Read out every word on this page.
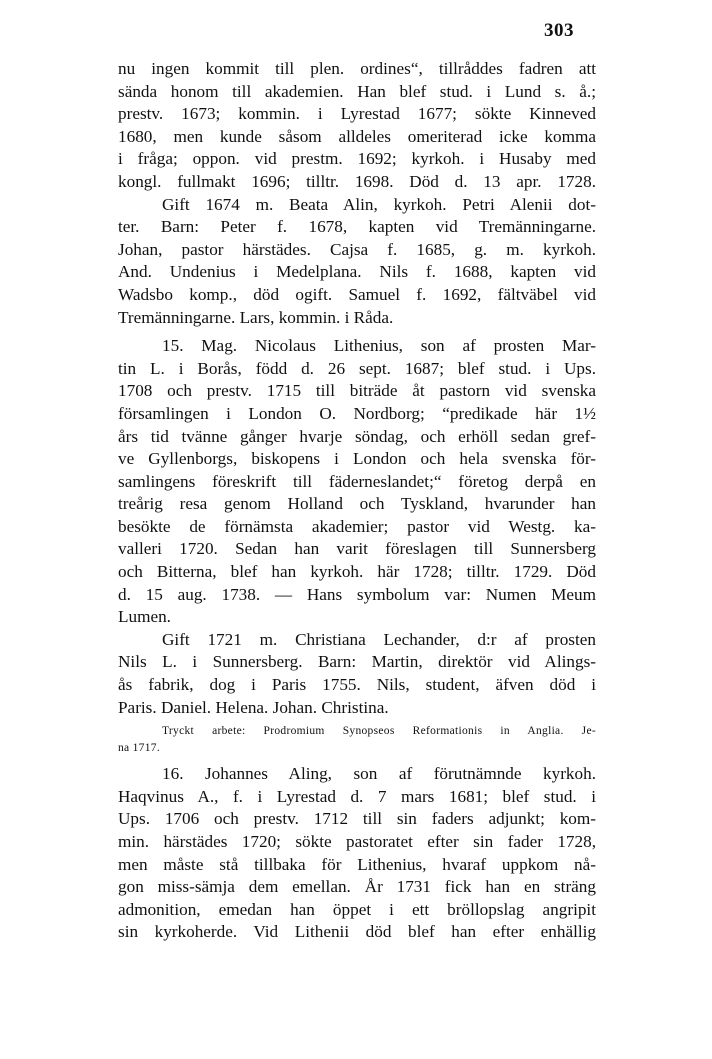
303

nu ingen kommit till plen. ordines“, tillråddes fadren att
sända honom till akademien. Han blef stud. i Lund s. å.;
prestv. 1673; kommin. i Lyrestad 1677; sökte Kinneved
1680, men kunde såsom alldeles omeriterad icke komma
i fråga; oppon. vid prestm. 1692; kyrkoh. i Husaby med
kongl. fullmakt 1696; tilltr. 1698. Död d. 13 apr. 1728.

Gift 1674 m. Beata Alin, kyrkoh. Petri Alenii dot-
ter. Barn: Peter f. 1678, kapten vid Tremänningarne.
Johan, pastor härstädes. Cajsa f. 1685, g. m. kyrkoh.
And. Undenius i Medelplana. Nils f. 1688, kapten vid
Wadsbo komp., död ogift. Samuel f. 1692, fältväbel vid
Tremänningarne. Lars, kommin. i Råda.

15. Mag. Nicolaus Lithenius, son af prosten Mar-
tin L. i Borås, född d. 26 sept. 1687; blef stud. i Ups.
1708 och prestv. 1715 till biträde åt pastorn vid svenska
församlingen i London O. Nordborg; “predikade här 1½
års tid tvänne gånger hvarje söndag, och erhöll sedan gref-
ve Gyllenborgs, biskopens i London och hela svenska för-
samlingens föreskrift till fäderneslandet;“ företog derpå en
treårig resa genom Holland och Tyskland, hvarunder han
besökte de förnämsta akademier; pastor vid Westg. ka-
valleri 1720. Sedan han varit föreslagen till Sunnersberg
och Bitterna, blef han kyrkoh. här 1728; tilltr. 1729. Död
d. 15 aug. 1738. — Hans symbolum var: Numen Meum
Lumen.

Gift 1721 m. Christiana Lechander, d:r af prosten
Nils L. i Sunnersberg. Barn: Martin, direktör vid Alings-
ås fabrik, dog i Paris 1755. Nils, student, äfven död i
Paris. Daniel. Helena. Johan. Christina.

Tryckt arbete: Prodromium Synopseos Reformationis in Anglia. Je-
na 1717.

16. Johannes Aling, son af förutnämnde kyrkoh.
Haqvinus A., f. i Lyrestad d. 7 mars 1681; blef stud. i
Ups. 1706 och prestv. 1712 till sin faders adjunkt; kom-
min. härstädes 1720; sökte pastoratet efter sin fader 1728,
men måste stå tillbaka för Lithenius, hvaraf uppkom nå-
gon miss-sämja dem emellan. År 1731 fick han en sträng
admonition, emedan han öppet i ett bröllopslag angripit
sin kyrkoherde. Vid Lithenii död blef han efter enhällig
